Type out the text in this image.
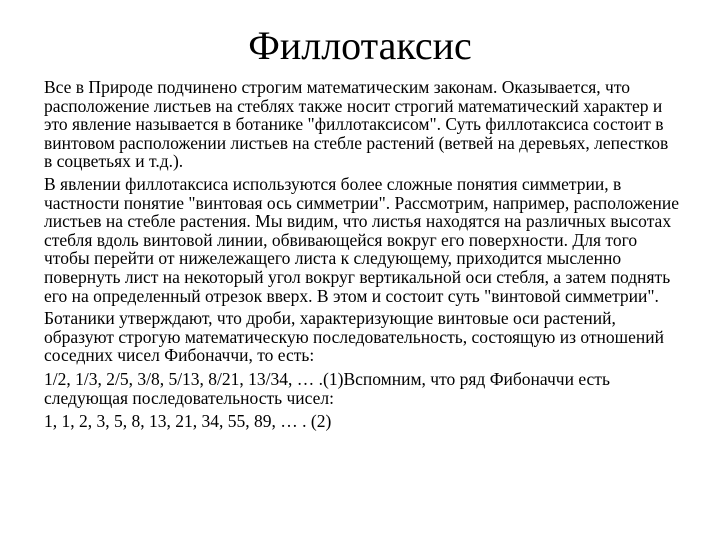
Филлотаксис

Все в Природе подчинено строгим математическим законам. Оказывается, что расположение листьев на стеблях также носит строгий математический характер и это явление называется в ботанике "филлотаксисом". Суть филлотаксиса состоит в винтовом расположении листьев на стебле растений (ветвей на деревьях, лепестков в соцветьях и т.д.).

В явлении филлотаксиса используются более сложные понятия симметрии, в частности понятие "винтовая ось симметрии". Рассмотрим, например, расположение листьев на стебле растения. Мы видим, что листья находятся на различных высотах стебля вдоль винтовой линии, обвивающейся вокруг его поверхности. Для того чтобы перейти от нижележащего листа к следующему, приходится мысленно повернуть лист на некоторый угол вокруг вертикальной оси стебля, а затем поднять его на определенный отрезок вверх. В этом и состоит суть "винтовой симметрии".

Ботаники утверждают, что дроби, характеризующие винтовые оси растений, образуют строгую математическую последовательность, состоящую из отношений соседних чисел Фибоначчи, то есть:

1/2, 1/3, 2/5, 3/8, 5/13, 8/21, 13/34, … .(1)Вспомним, что ряд Фибоначчи есть следующая последовательность чисел:

1, 1, 2, 3, 5, 8, 13, 21, 34, 55, 89, … . (2)
